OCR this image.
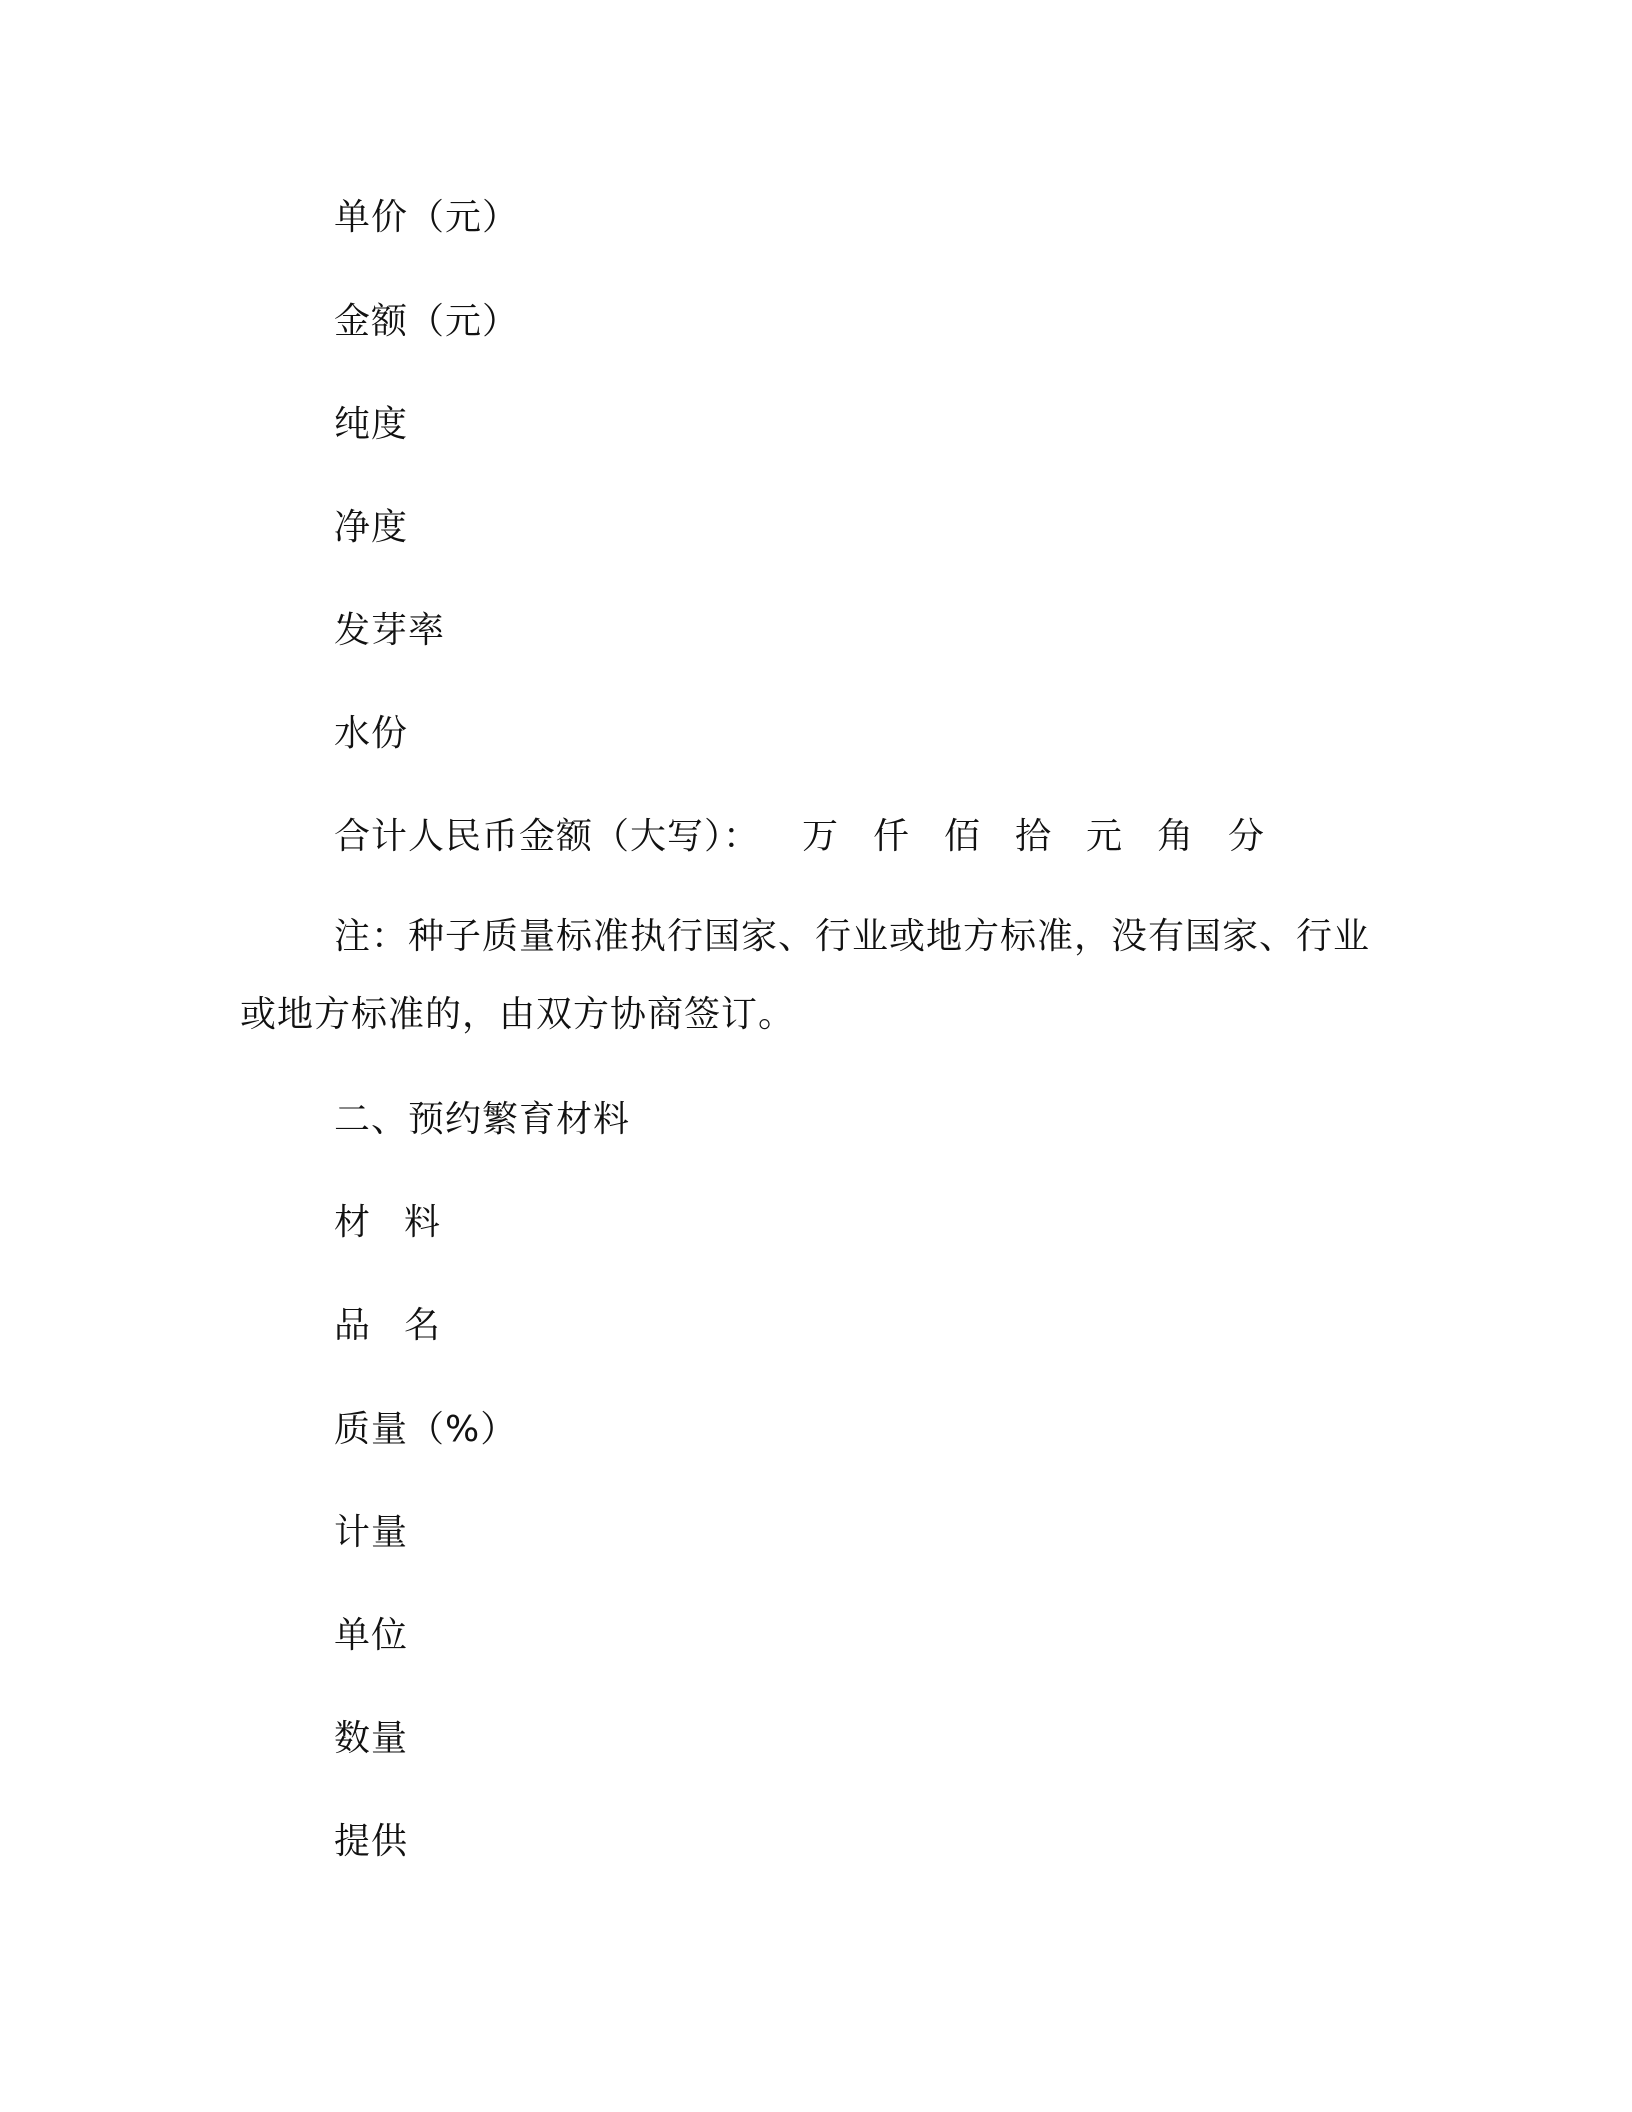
单价（元）
金额（元）
纯度
净度
发芽率
水份
合计人民币金额（大写）： 万 仟 佰 拾 元 角 分

注：种子质量标准执行国家、行业或地方标准，没有国家、行业或地方标准的，由双方协商签订。

二、预约繁育材料
材料
品名
质量（%）
计量
单位
数量
提供
